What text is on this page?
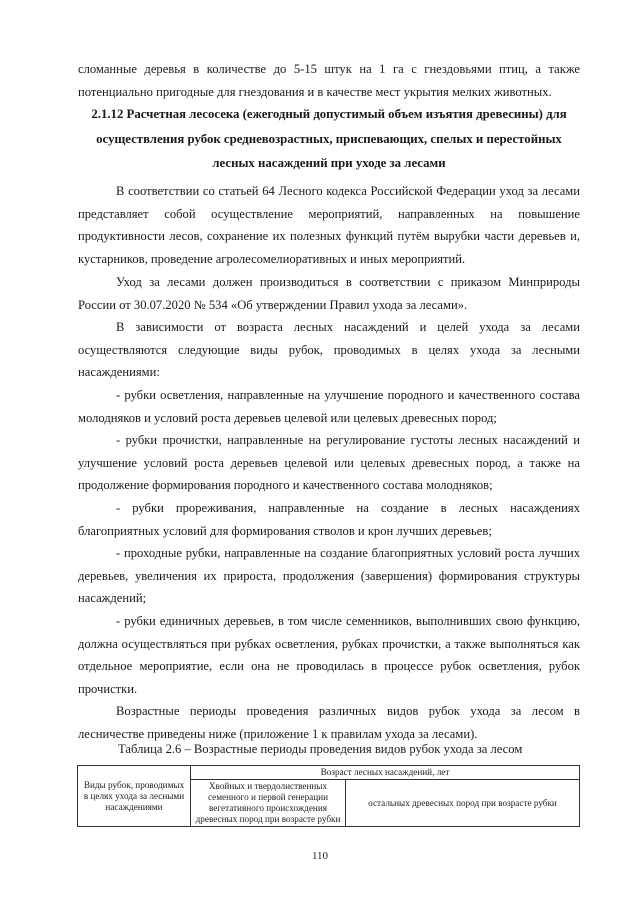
сломанные деревья в количестве до 5-15 штук на 1 га с гнездовьями птиц, а также потенциально пригодные для гнездования и в качестве мест укрытия мелких животных.

2.1.12 Расчетная лесосека (ежегодный допустимый объем изъятия древесины) для осуществления рубок средневозрастных, приспевающих, спелых и перестойных лесных насаждений при уходе за лесами

В соответствии со статьей 64 Лесного кодекса Российской Федерации уход за лесами представляет собой осуществление мероприятий, направленных на повышение продуктивности лесов, сохранение их полезных функций путём вырубки части деревьев и, кустарников, проведение агролесомелиоративных и иных мероприятий.

Уход за лесами должен производиться в соответствии с приказом Минприроды России от 30.07.2020 № 534 «Об утверждении Правил ухода за лесами».

В зависимости от возраста лесных насаждений и целей ухода за лесами осуществляются следующие виды рубок, проводимых в целях ухода за лесными насаждениями:

- рубки осветления, направленные на улучшение породного и качественного состава молодняков и условий роста деревьев целевой или целевых древесных пород;

- рубки прочистки, направленные на регулирование густоты лесных насаждений и улучшение условий роста деревьев целевой или целевых древесных пород, а также на продолжение формирования породного и качественного состава молодняков;

- рубки прореживания, направленные на создание в лесных насаждениях благоприятных условий для формирования стволов и крон лучших деревьев;

- проходные рубки, направленные на создание благоприятных условий роста лучших деревьев, увеличения их прироста, продолжения (завершения) формирования структуры насаждений;

- рубки единичных деревьев, в том числе семенников, выполнивших свою функцию, должна осуществляться при рубках осветления, рубках прочистки, а также выполняться как отдельное мероприятие, если она не проводилась в процессе рубок осветления, рубок прочистки.

Возрастные периоды проведения различных видов рубок ухода за лесом в лесничестве приведены ниже (приложение 1 к правилам ухода за лесами).

Таблица 2.6 – Возрастные периоды проведения видов рубок ухода за лесом

Виды рубок, проводимых в целях ухода за лесными насаждениями	Возраст лесных насаждений, лет	
	Хвойных и твердолиственных семенного и первой генерации вегетативного происхождения древесных пород при возрасте рубки	остальных древесных пород при возрасте рубки
110
